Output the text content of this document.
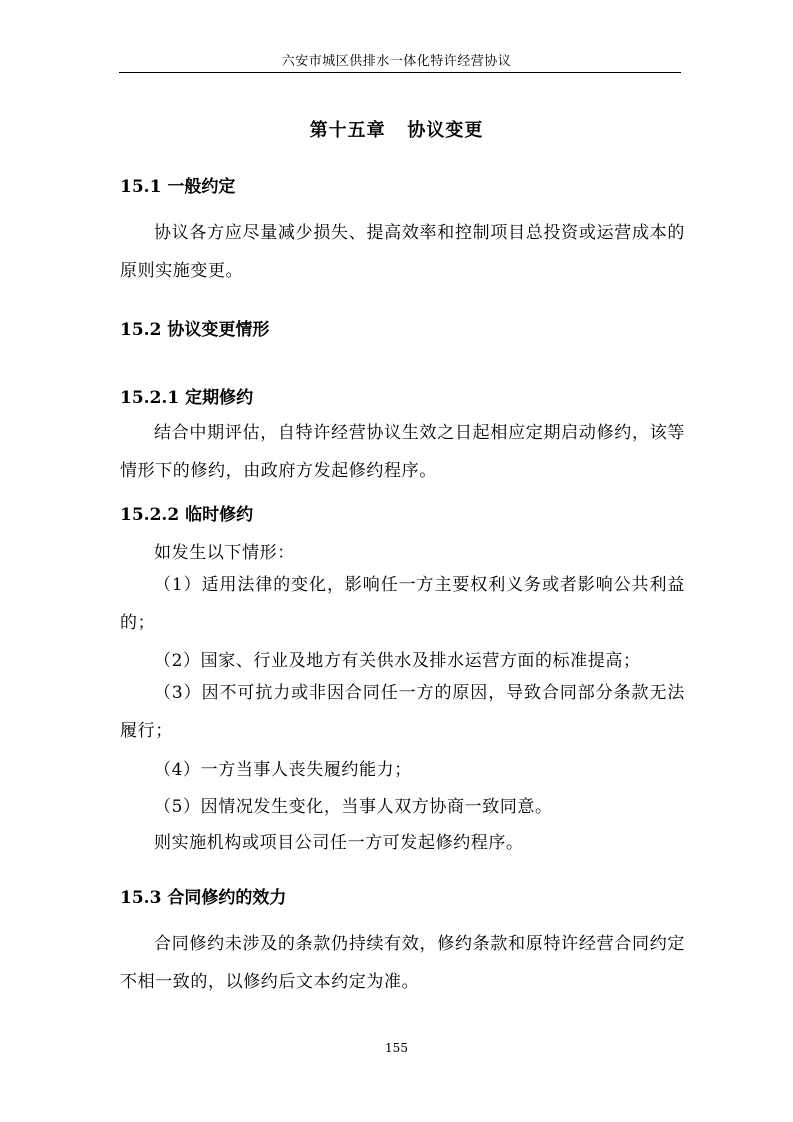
六安市城区供排水一体化特许经营协议
第十五章   协议变更
15.1 一般约定
协议各方应尽量减少损失、提高效率和控制项目总投资或运营成本的原则实施变更。
15.2 协议变更情形
15.2.1 定期修约
结合中期评估，自特许经营协议生效之日起相应定期启动修约，该等情形下的修约，由政府方发起修约程序。
15.2.2 临时修约
如发生以下情形：
（1）适用法律的变化，影响任一方主要权利义务或者影响公共利益的；
（2）国家、行业及地方有关供水及排水运营方面的标准提高；
（3）因不可抗力或非因合同任一方的原因，导致合同部分条款无法履行；
（4）一方当事人丧失履约能力；
（5）因情况发生变化，当事人双方协商一致同意。
则实施机构或项目公司任一方可发起修约程序。
15.3 合同修约的效力
合同修约未涉及的条款仍持续有效，修约条款和原特许经营合同约定不相一致的，以修约后文本约定为准。
155
